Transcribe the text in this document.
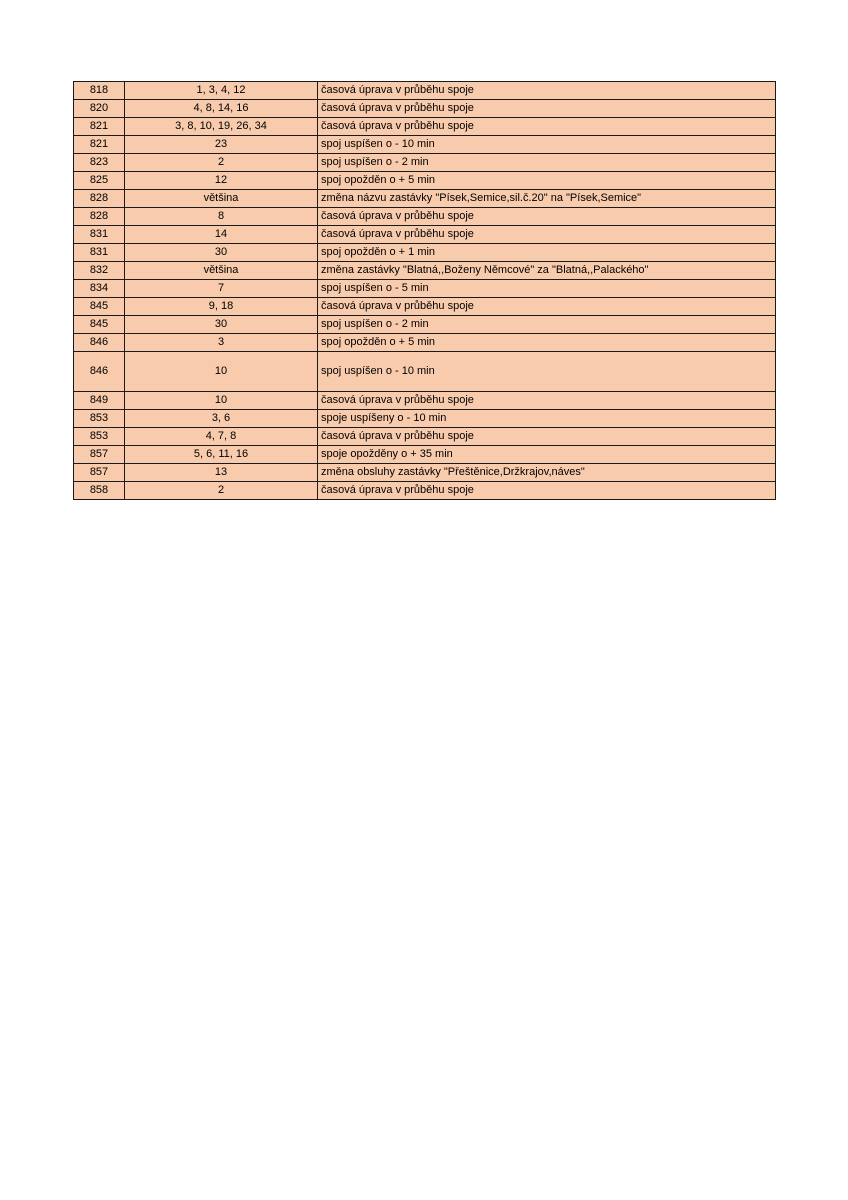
818	1, 3, 4, 12	časová úprava v průběhu spoje
820	4, 8, 14, 16	časová úprava v průběhu spoje
821	3, 8, 10, 19, 26, 34	časová úprava v průběhu spoje
821	23	spoj uspíšen o - 10 min
823	2	spoj uspíšen o - 2 min
825	12	spoj opožděn o + 5 min
828	většina	změna názvu zastávky "Písek,Semice,sil.č.20" na "Písek,Semice"
828	8	časová úprava v průběhu spoje
831	14	časová úprava v průběhu spoje
831	30	spoj opožděn o + 1 min
832	většina	změna zastávky "Blatná,,Boženy Němcové" za "Blatná,,Palackého"
834	7	spoj uspíšen o - 5 min
845	9, 18	časová úprava v průběhu spoje
845	30	spoj uspíšen o - 2 min
846	3	spoj opožděn o + 5 min
846	10	spoj uspíšen o - 10 min
849	10	časová úprava v průběhu spoje
853	3, 6	spoje uspíšeny o - 10 min
853	4, 7, 8	časová úprava v průběhu spoje
857	5, 6, 11, 16	spoje opožděny o + 35 min
857	13	změna obsluhy zastávky "Přeštěnice,Držkrajov,náves"
858	2	časová úprava v průběhu spoje
